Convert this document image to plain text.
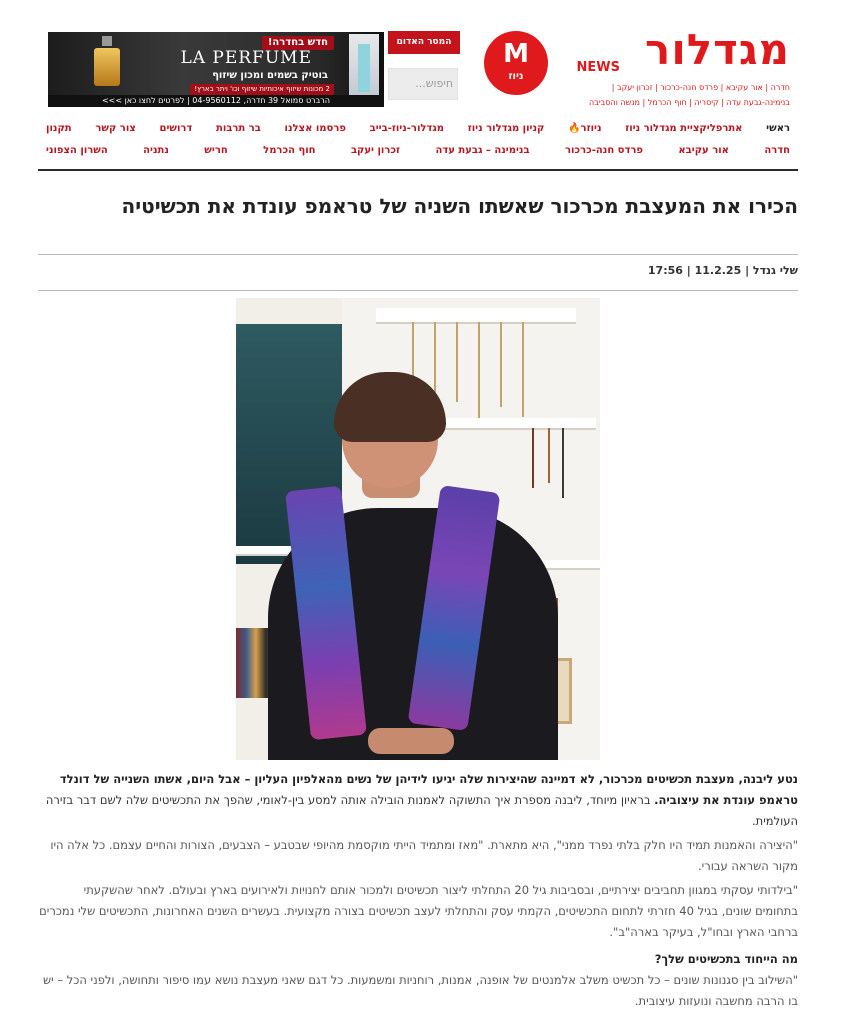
מגדלור
NEWS
חדרה | אור עקיבא | פרדס חנה-כרכור | זכרון יעקב | בנימינה-גבעת עדה | קיסריה | חוף הכרמל | מנשה והסביבה
M
ניוז
המסר האדום
חיפוש...
חדש בחדרה!
LA PERFUME
בוטיק בשמים ומכון שיזוף
2 מכונות שיזוף איכותיות שיזוף וכו' ויתר בארץ!
הרברט סמואל 39 חדרה, 04-9560112 | לפרטים לחצו כאן >>>
ראשי
אתרפליקציית מגדלור ניוז
ניוזר🔥
קניון מגדלור ניוז
מגדלור-ניוז-בייב
פרסמו אצלנו
בר תרבות
דרושים
צור קשר
תקנון
חדרה
אור עקיבא
פרדס חנה-כרכור
בנימינה – גבעת עדה
זכרון יעקב
חוף הכרמל
חריש
נתניה
השרון הצפוני
הכירו את המעצבת מכרכור שאשתו השניה של טראמפ עונדת את תכשיטיה
שלי גנדל | 11.2.25 | 17:56

נטע ליבנה, מעצבת תכשיטים מכרכור, לא דמיינה שהיצירות שלה יגיעו לידיהן של נשים מהאלפיון העליון – אבל היום, אשתו השנייה של דונלד טראמפ עונדת את עיצוביה. בראיון מיוחד, ליבנה מספרת איך התשוקה לאמנות הובילה אותה למסע בין-לאומי, שהפך את התכשיטים שלה לשם דבר בזירה העולמית.

"היצירה והאמנות תמיד היו חלק בלתי נפרד ממני", היא מתארת. "מאז ומתמיד הייתי מוקסמת מהיופי שבטבע – הצבעים, הצורות והחיים עצמם. כל אלה היו מקור השראה עבורי.

"בילדותי עסקתי במגוון תחביבים יצירתיים, ובסביבות גיל 20 התחלתי ליצור תכשיטים ולמכור אותם לחנויות ולאירועים בארץ ובעולם. לאחר שהשקעתי בתחומים שונים, בגיל 40 חזרתי לתחום התכשיטים, הקמתי עסק והתחלתי לעצב תכשיטים בצורה מקצועית. בעשרים השנים האחרונות, התכשיטים שלי נמכרים ברחבי הארץ ובחו"ל, בעיקר בארה"ב".

מה הייחוד בתכשיטים שלך?

"השילוב בין סגנונות שונים – כל תכשיט משלב אלמנטים של אופנה, אמנות, רוחניות ומשמעות. כל דגם שאני מעצבת נושא עמו סיפור ותחושה, ולפני הכל – יש בו הרבה מחשבה ונועזות עיצובית.
